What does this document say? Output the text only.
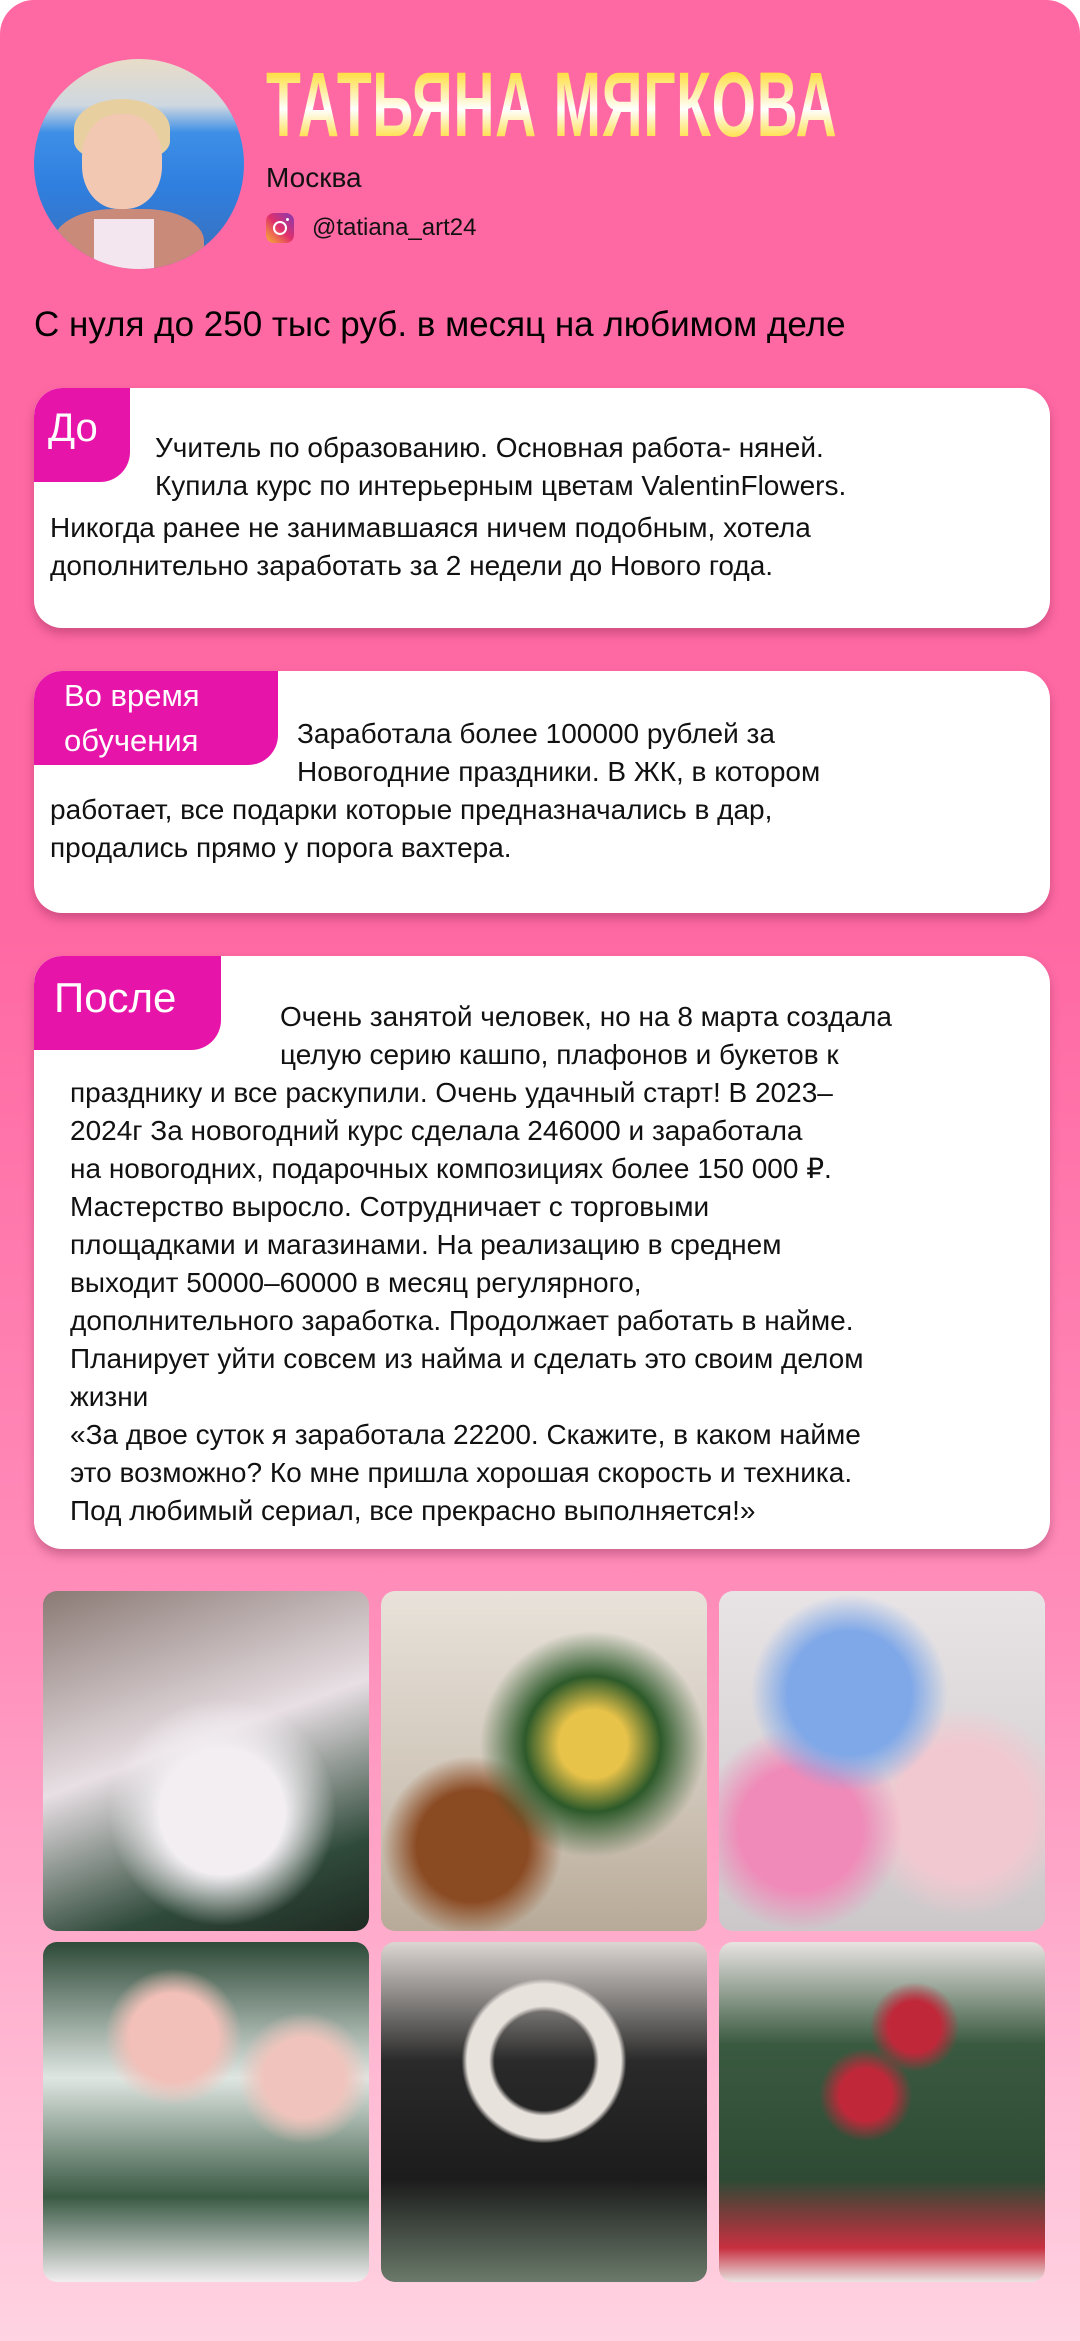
ТАТЬЯНА МЯГКОВА
Москва
@tatiana_art24
С нуля до 250 тыс руб. в месяц на любимом деле
До	Учитель по образованию. Основная работа- няней.
Купила курс по интерьерным цветам ValentinFlowers.
Никогда ранее не занимавшаяся ничем подобным, хотела
дополнительно заработать за 2 недели до Нового года.
Во время
обучения	Заработала более 100000 рублей за
Новогодние праздники. В ЖК, в котором
работает, все подарки которые предназначались в дар,
продались прямо у порога вахтера.
После	Очень занятой человек, но на 8 марта создала
целую серию кашпо, плафонов и букетов к
празднику и все раскупили. Очень удачный старт! В 2023–
2024г За новогодний курс сделала 246000 и заработала
на новогодних, подарочных композициях более 150 000 ₽.
Мастерство выросло. Сотрудничает с торговыми
площадками и магазинами. На реализацию в среднем
выходит 50000–60000 в месяц регулярного,
дополнительного заработка. Продолжает работать в найме.
Планирует уйти совсем из найма и сделать это своим делом
жизни
«За двое суток я заработала 22200. Скажите, в каком найме
это возможно? Ко мне пришла хорошая скорость и техника.
Под любимый сериал, все прекрасно выполняется!»
